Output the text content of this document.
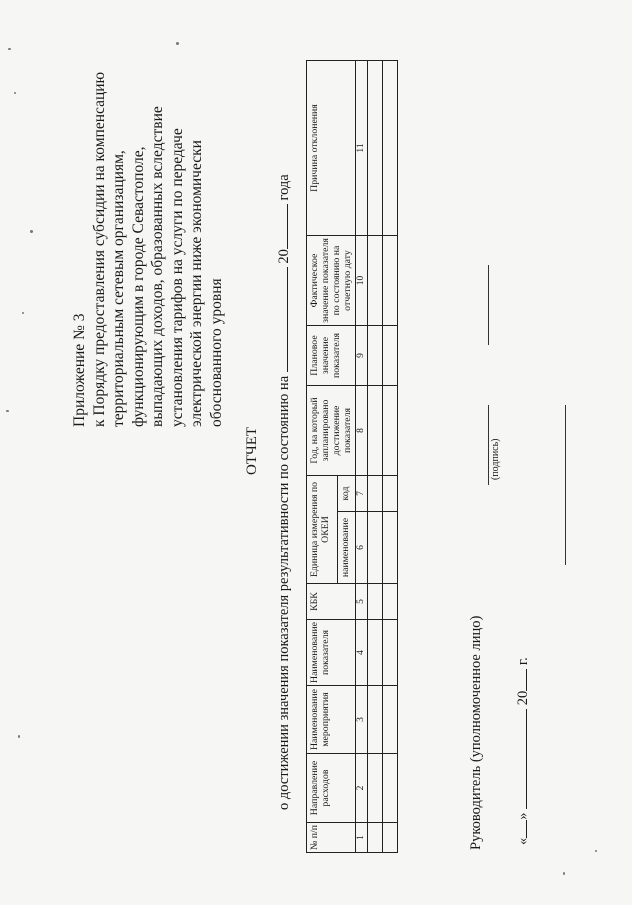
Приложение № 3 к Порядку предоставления субсидии на компенсацию территориальным сетевым организациям, функционирующим в городе Севастополе, выпадающих доходов, образованных вследствие установления тарифов на услуги по передаче электрической энергии ниже экономически обоснованного уровня
ОТЧЕТ о достижении значения показателя результативности по состоянию на  20 года
№ п/п	Направление расходов	Наименование мероприятия	Наименование показателя	КБК	Единица измерения по ОКЕИ		Год, на который запланировано достижение показателя	Плановое значение показателя	Фактическое значение показателя по состоянию на отчетную дату	Причина отклонения
					наименование	код				
1	2	3	4	5	6	7	8	9	10	11

Руководитель (уполномоченное лицо)
(подпись)
«»  20 г.
